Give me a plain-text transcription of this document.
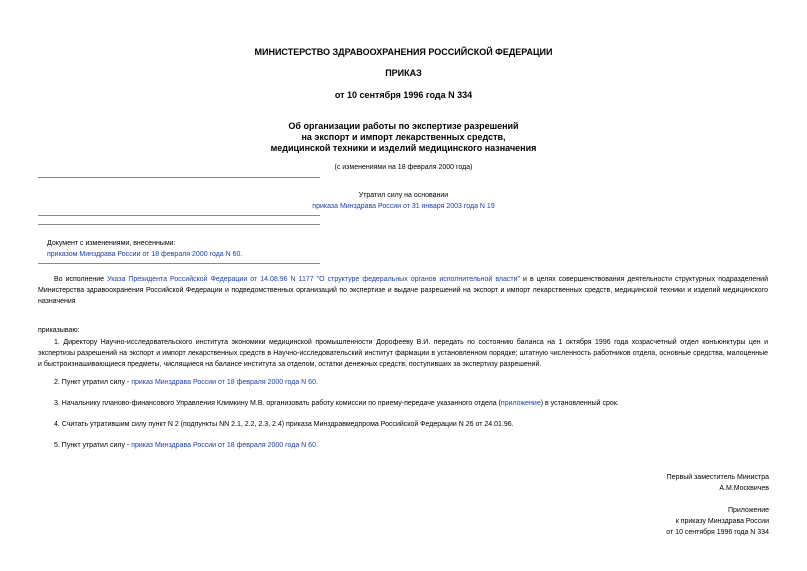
МИНИСТЕРСТВО ЗДРАВООХРАНЕНИЯ РОССИЙСКОЙ ФЕДЕРАЦИИ
ПРИКАЗ
от 10 сентября 1996 года N 334
Об организации работы по экспертизе разрешений
на экспорт и импорт лекарственных средств,
медицинской техники и изделий медицинского назначения
(с изменениями на 18 февраля 2000 года)
Утратил силу на основании
приказа Минздрава России от 31 января 2003 года N 19
Документ с изменениями, внесенными:
приказом Минздрава России от 18 февраля 2000 года N 60.
Во исполнение Указа Президента Российской Федерации от 14.08.96 N 1177 "О структуре федеральных органов исполнительной власти" и в целях совершенствования деятельности структурных подразделений Министерства здравоохранения Российской Федерации и подведомственных организаций по экспертизе и выдаче разрешений на экспорт и импорт лекарственных средств, медицинской техники и изделий медицинского назначения
приказываю:
1. Директору Научно-исследовательского института экономики медицинской промышленности Дорофееву В.И. передать по состоянию баланса на 1 октября 1996 года хозрасчетный отдел конъюнктуры цен и экспертизы разрешений на экспорт и импорт лекарственных средств в Научно-исследовательский институт фармации в установленном порядке; штатную численность работников отдела, основные средства, малоценные и быстроизнашивающиеся предметы, числящиеся на балансе института за отделом, остатки денежных средств, поступивших за экспертизу разрешений.
2. Пункт утратил силу - приказ Минздрава России от 18 февраля 2000 года N 60.
3. Начальнику планово-финансового Управления Климкину М.В. организовать работу комиссии по приему-передаче указанного отдела (приложение) в установленный срок.
4. Считать утратившим силу пункт N 2 (подпункты NN 2.1, 2.2, 2.3, 2.4) приказа Минздравмедпрома Российской Федерации N 26 от 24.01.96.
5. Пункт утратил силу - приказ Минздрава России от 18 февраля 2000 года N 60.
Первый заместитель Министра
А.М.Москвичев
Приложение
к приказу Минздрава России
от 10 сентября 1996 года N 334
